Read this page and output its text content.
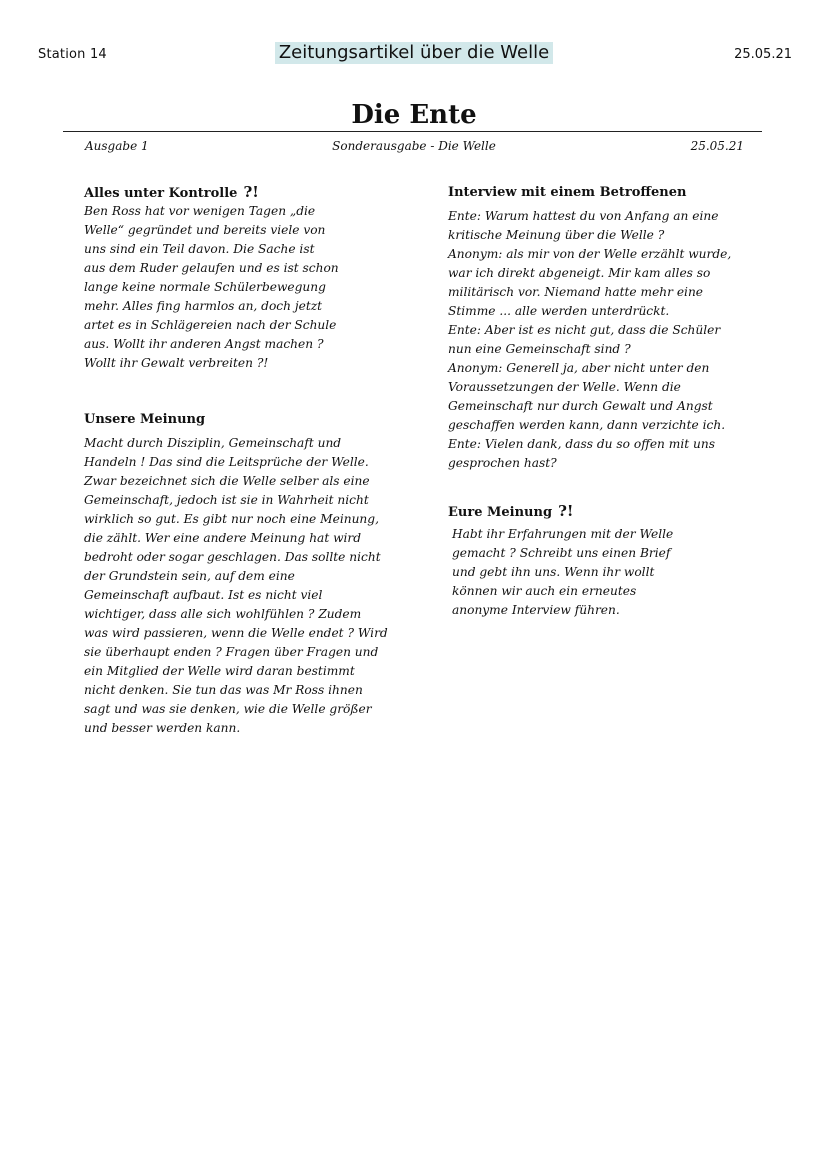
Station 14	Zeitungsartikel über die Welle	25.05.21
Die Ente
Ausgabe 1	Sonderausgabe - Die Welle	25.05.21
Alles unter Kontrolle ?!
Ben Ross hat vor wenigen Tagen „die
Welle“ gegründet und bereits viele von
uns sind ein Teil davon. Die Sache ist
aus dem Ruder gelaufen und es ist schon
lange keine normale Schülerbewegung
mehr. Alles fing harmlos an, doch jetzt
artet es in Schlägereien nach der Schule
aus. Wollt ihr anderen Angst machen ?
Wollt ihr Gewalt verbreiten ?!
Unsere Meinung
Macht durch Disziplin, Gemeinschaft und
Handeln ! Das sind die Leitsprüche der Welle.
Zwar bezeichnet sich die Welle selber als eine
Gemeinschaft, jedoch ist sie in Wahrheit nicht
wirklich so gut. Es gibt nur noch eine Meinung,
die zählt. Wer eine andere Meinung hat wird
bedroht oder sogar geschlagen. Das sollte nicht
der Grundstein sein, auf dem eine
Gemeinschaft aufbaut. Ist es nicht viel
wichtiger, dass alle sich wohlfühlen ? Zudem
was wird passieren, wenn die Welle endet ? Wird
sie überhaupt enden ? Fragen über Fragen und
ein Mitglied der Welle wird daran bestimmt
nicht denken. Sie tun das was Mr Ross ihnen
sagt und was sie denken, wie die Welle größer
und besser werden kann.
Interview mit einem Betroffenen
Ente: Warum hattest du von Anfang an eine
kritische Meinung über die Welle ?
Anonym: als mir von der Welle erzählt wurde,
war ich direkt abgeneigt. Mir kam alles so
militärisch vor. Niemand hatte mehr eine
Stimme ... alle werden unterdrückt.
Ente: Aber ist es nicht gut, dass die Schüler
nun eine Gemeinschaft sind ?
Anonym: Generell ja, aber nicht unter den
Voraussetzungen der Welle. Wenn die
Gemeinschaft nur durch Gewalt und Angst
geschaffen werden kann, dann verzichte ich.
Ente: Vielen dank, dass du so offen mit uns
gesprochen hast?
Eure Meinung ?!
Habt ihr Erfahrungen mit der Welle
gemacht ? Schreibt uns einen Brief
und gebt ihn uns. Wenn ihr wollt
können wir auch ein erneutes
anonyme Interview führen.
